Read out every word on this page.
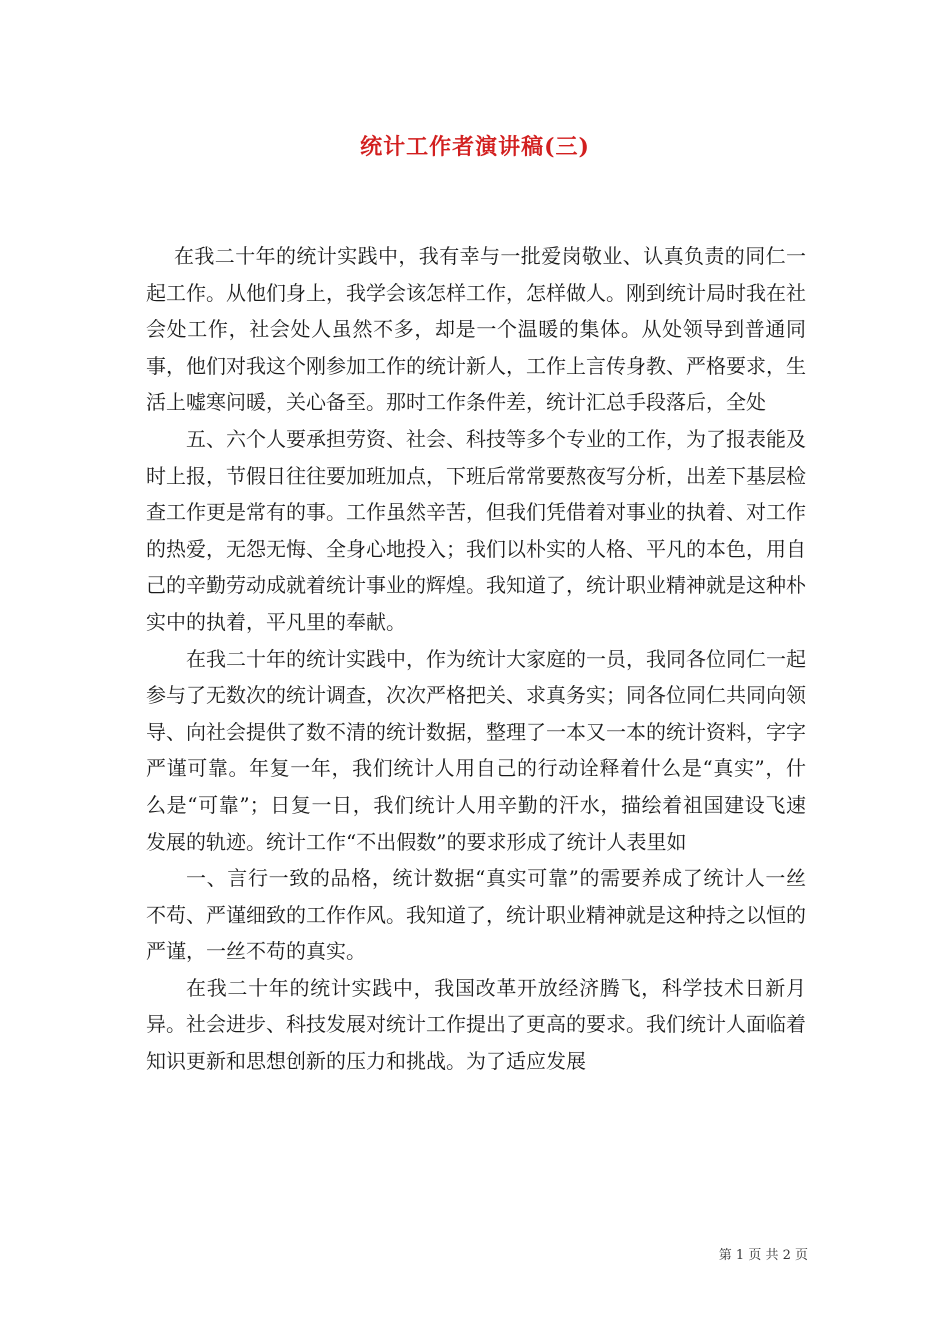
统计工作者演讲稿(三)

在我二十年的统计实践中，我有幸与一批爱岗敬业、认真负责的同仁一起工作。从他们身上，我学会该怎样工作，怎样做人。刚到统计局时我在社会处工作，社会处人虽然不多，却是一个温暖的集体。从处领导到普通同事，他们对我这个刚参加工作的统计新人，工作上言传身教、严格要求，生活上嘘寒问暖，关心备至。那时工作条件差，统计汇总手段落后，全处

五、六个人要承担劳资、社会、科技等多个专业的工作，为了报表能及时上报，节假日往往要加班加点，下班后常常要熬夜写分析，出差下基层检查工作更是常有的事。工作虽然辛苦，但我们凭借着对事业的执着、对工作的热爱，无怨无悔、全身心地投入；我们以朴实的人格、平凡的本色，用自己的辛勤劳动成就着统计事业的辉煌。我知道了，统计职业精神就是这种朴实中的执着，平凡里的奉献。

在我二十年的统计实践中，作为统计大家庭的一员，我同各位同仁一起参与了无数次的统计调查，次次严格把关、求真务实；同各位同仁共同向领导、向社会提供了数不清的统计数据，整理了一本又一本的统计资料，字字严谨可靠。年复一年，我们统计人用自己的行动诠释着什么是“真实”，什么是“可靠”；日复一日，我们统计人用辛勤的汗水，描绘着祖国建设飞速发展的轨迹。统计工作“不出假数”的要求形成了统计人表里如

一、言行一致的品格，统计数据“真实可靠”的需要养成了统计人一丝不苟、严谨细致的工作作风。我知道了，统计职业精神就是这种持之以恒的严谨，一丝不苟的真实。

在我二十年的统计实践中，我国改革开放经济腾飞，科学技术日新月异。社会进步、科技发展对统计工作提出了更高的要求。我们统计人面临着知识更新和思想创新的压力和挑战。为了适应发展

第 1 页 共 2 页
